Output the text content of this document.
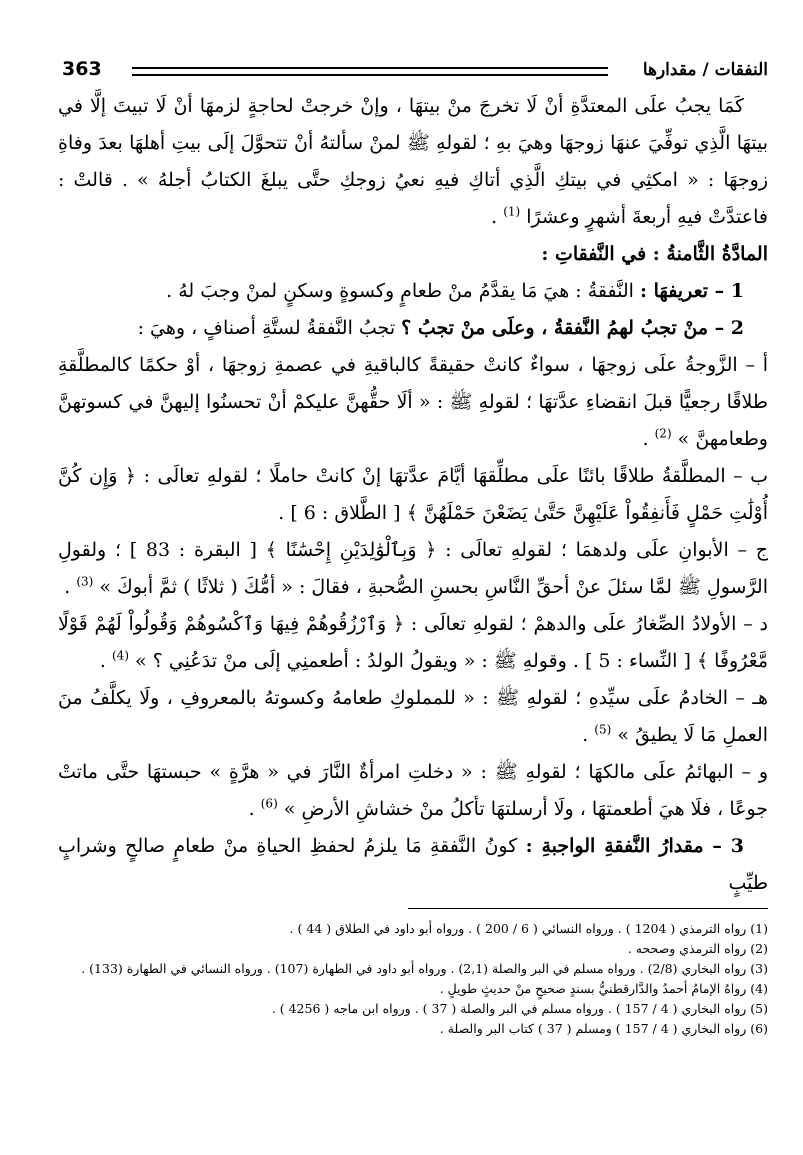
النفقات / مقدارها
363

كَمَا يجبُ علَى المعتدَّةِ أنْ لَا تخرجَ منْ بيتهَا ، وإنْ خرجتْ لحاجةٍ لزمهَا أنْ لَا تبيتَ إلَّا في بيتهَا الَّذِي توفِّيَ عنهَا زوجهَا وهيَ بهِ ؛ لقولهِ ﷺ لمنْ سألتهُ أنْ تتحوَّلَ إلَى بيتِ أهلهَا بعدَ وفاةِ زوجهَا : « امكثِي في بيتكِ الَّذِي أتاكِ فيهِ نعيُ زوجكِ حتَّى يبلغَ الكتابُ أجلهُ » . قالتْ : فاعتدَّتْ فيهِ أربعةَ أشهرٍ وعشرًا $^{(1)}$ .

المادَّةُ الثَّامنةُ : في النَّفقاتِ :

1 – تعريفهَا : النَّفقةُ : هيَ مَا يقدَّمُ منْ طعامٍ وكسوةٍ وسكنٍ لمنْ وجبَ لهُ .

2 – منْ تجبُ لهمُ النَّفقةُ ، وعلَى منْ تجبُ ؟ تجبُ النَّفقةُ لستَّةِ أصنافٍ ، وهيَ :

أ – الزَّوجةُ علَى زوجهَا ، سواءٌ كانتْ حقيقةً كالباقيةِ في عصمةِ زوجهَا ، أوْ حكمًا كالمطلَّقةِ طلاقًا رجعيًّا قبلَ انقضاءِ عدَّتهَا ؛ لقولهِ ﷺ : « ألَا حقُّهنَّ عليكمْ أنْ تحسنُوا إليهنَّ في كسوتهنَّ وطعامهنَّ » $^{(2)}$ .

ب – المطلَّقةُ طلاقًا بائنًا علَى مطلِّقهَا أيَّامَ عدَّتهَا إنْ كانتْ حاملًا ؛ لقولهِ تعالَى : ﴿ وَإِن كُنَّ أُوْلَٰتِ حَمْلٍ فَأَنفِقُواْ عَلَيْهِنَّ حَتَّىٰ يَضَعْنَ حَمْلَهُنَّ ﴾ [ الطَّلاق : 6 ] .

ج – الأبوانِ علَى ولدهمَا ؛ لقولهِ تعالَى : ﴿ وَبِٱلْوَٰلِدَيْنِ إِحْسَٰنًا ﴾ [ البقرة : 83 ] ؛ ولقولِ الرَّسولِ ﷺ لمَّا سئلَ عنْ أحقِّ النَّاسِ بحسنِ الصُّحبةِ ، فقالَ : « أمُّكَ ( ثلاثًا ) ثمَّ أبوكَ » $^{(3)}$ .

د – الأولادُ الصِّغارُ علَى والدهمْ ؛ لقولهِ تعالَى : ﴿ وَٱرْزُقُوهُمْ فِيهَا وَٱكْسُوهُمْ وَقُولُواْ لَهُمْ قَوْلًا مَّعْرُوفًا ﴾ [ النِّساء : 5 ] . وقولهِ ﷺ : « ويقولُ الولدُ : أطعمنِي إلَى منْ تدَعُنِي ؟ » $^{(4)}$ .

هـ – الخادمُ علَى سيِّدهِ ؛ لقولهِ ﷺ : « للمملوكِ طعامهُ وكسوتهُ بالمعروفِ ، ولَا يكلَّفُ منَ العملِ مَا لَا يطيقُ » $^{(5)}$ .

و – البهائمُ علَى مالكهَا ؛ لقولهِ ﷺ : « دخلتِ امرأةٌ النَّارَ في « هرَّةٍ » حبستهَا حتَّى ماتتْ جوعًا ، فلَا هيَ أطعمتهَا ، ولَا أرسلتهَا تأكلُ منْ خشاشِ الأرضِ » $^{(6)}$ .

3 – مقدارُ النَّفقةِ الواجبةِ : كونُ النَّفقةِ مَا يلزمُ لحفظِ الحياةِ منْ طعامٍ صالحٍ وشرابٍ طيِّبٍ

(1) رواه الترمذي ( 1204 ) . ورواه النسائي ( 6 / 200 ) . ورواه أبو داود في الطلاق ( 44 ) .
(2) رواه الترمذي وصححه .
(3) رواه البخاري (2/8) . ورواه مسلم في البر والصلة (2,1) . ورواه أبو داود في الطهارة (107) . ورواه النسائي في الطهارة (133) .
(4) رواهُ الإمامُ أحمدُ والدَّارقطنيُّ بسندٍ صحيحٍ منْ حديثٍ طويلٍ .
(5) رواه البخاري ( 4 / 157 ) . ورواه مسلم في البر والصلة ( 37 ) . ورواه ابن ماجه ( 4256 ) .
(6) رواه البخاري ( 4 / 157 ) ومسلم ( 37 ) كتاب البر والصلة .
